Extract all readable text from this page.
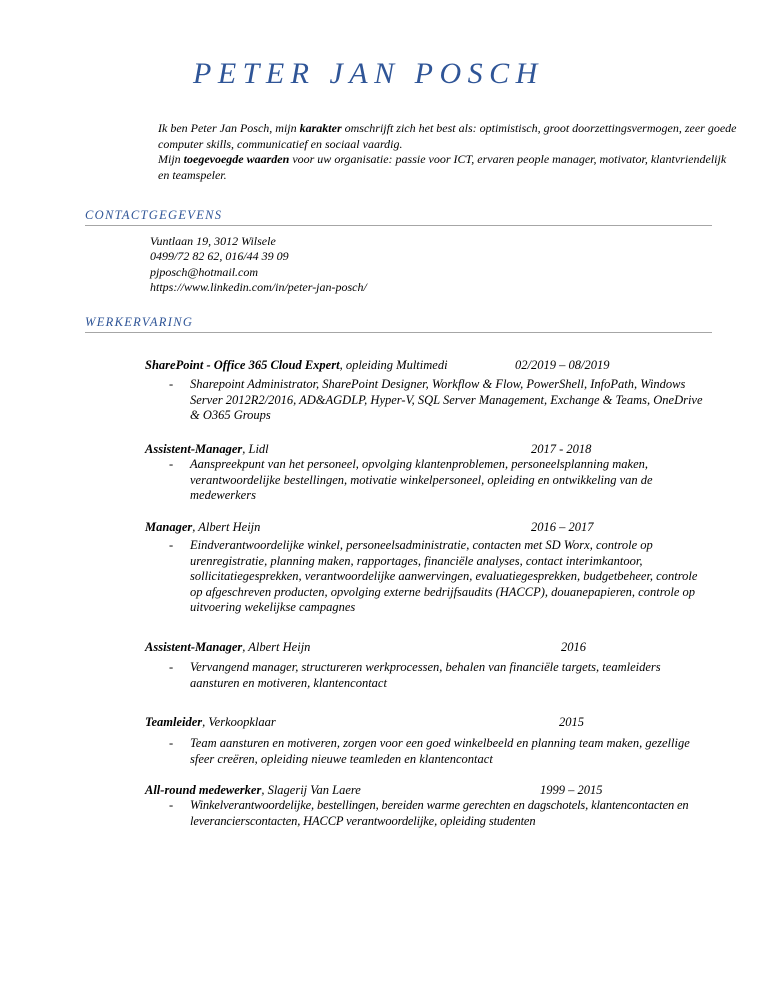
PETER JAN POSCH

Ik ben Peter Jan Posch, mijn karakter omschrijft zich het best als: optimistisch, groot doorzettingsvermogen, zeer goede computer skills, communicatief en sociaal vaardig.

Mijn toegevoegde waarden voor uw organisatie: passie voor ICT, ervaren people manager, motivator, klantvriendelijk en teamspeler.

CONTACTGEGEVENS
Vuntlaan 19, 3012 Wilsele
0499/72 82 62, 016/44 39 09
pjposch@hotmail.com
https://www.linkedin.com/in/peter-jan-posch/
WERKERVARING
SharePoint - Office 365 Cloud Expert, opleiding Multimedi	02/2019 – 08/2019
- Sharepoint Administrator, SharePoint Designer, Workflow & Flow, PowerShell, InfoPath, Windows Server 2012R2/2016, AD&AGDLP, Hyper-V, SQL Server Management, Exchange & Teams, OneDrive & O365 Groups
Assistent-Manager, Lidl	2017 - 2018
- Aanspreekpunt van het personeel, opvolging klantenproblemen, personeelsplanning maken, verantwoordelijke bestellingen, motivatie winkelpersoneel, opleiding en ontwikkeling van de medewerkers
Manager, Albert Heijn	2016 – 2017
- Eindverantwoordelijke winkel, personeelsadministratie, contacten met SD Worx, controle op urenregistratie, planning maken, rapportages, financiële analyses, contact interimkantoor, sollicitatiegesprekken, verantwoordelijke aanwervingen, evaluatiegesprekken, budgetbeheer, controle op afgeschreven producten, opvolging externe bedrijfsaudits (HACCP), douanepapieren, controle op uitvoering wekelijkse campagnes
Assistent-Manager, Albert Heijn	2016
- Vervangend manager, structureren werkprocessen, behalen van financiële targets, teamleiders aansturen en motiveren, klantencontact
Teamleider, Verkoopklaar	2015
- Team aansturen en motiveren, zorgen voor een goed winkelbeeld en planning team maken, gezellige sfeer creëren, opleiding nieuwe teamleden en klantencontact
All-round medewerker, Slagerij Van Laere	1999 – 2015
- Winkelverantwoordelijke, bestellingen, bereiden warme gerechten en dagschotels, klantencontacten en leverancierscontacten, HACCP verantwoordelijke, opleiding studenten
